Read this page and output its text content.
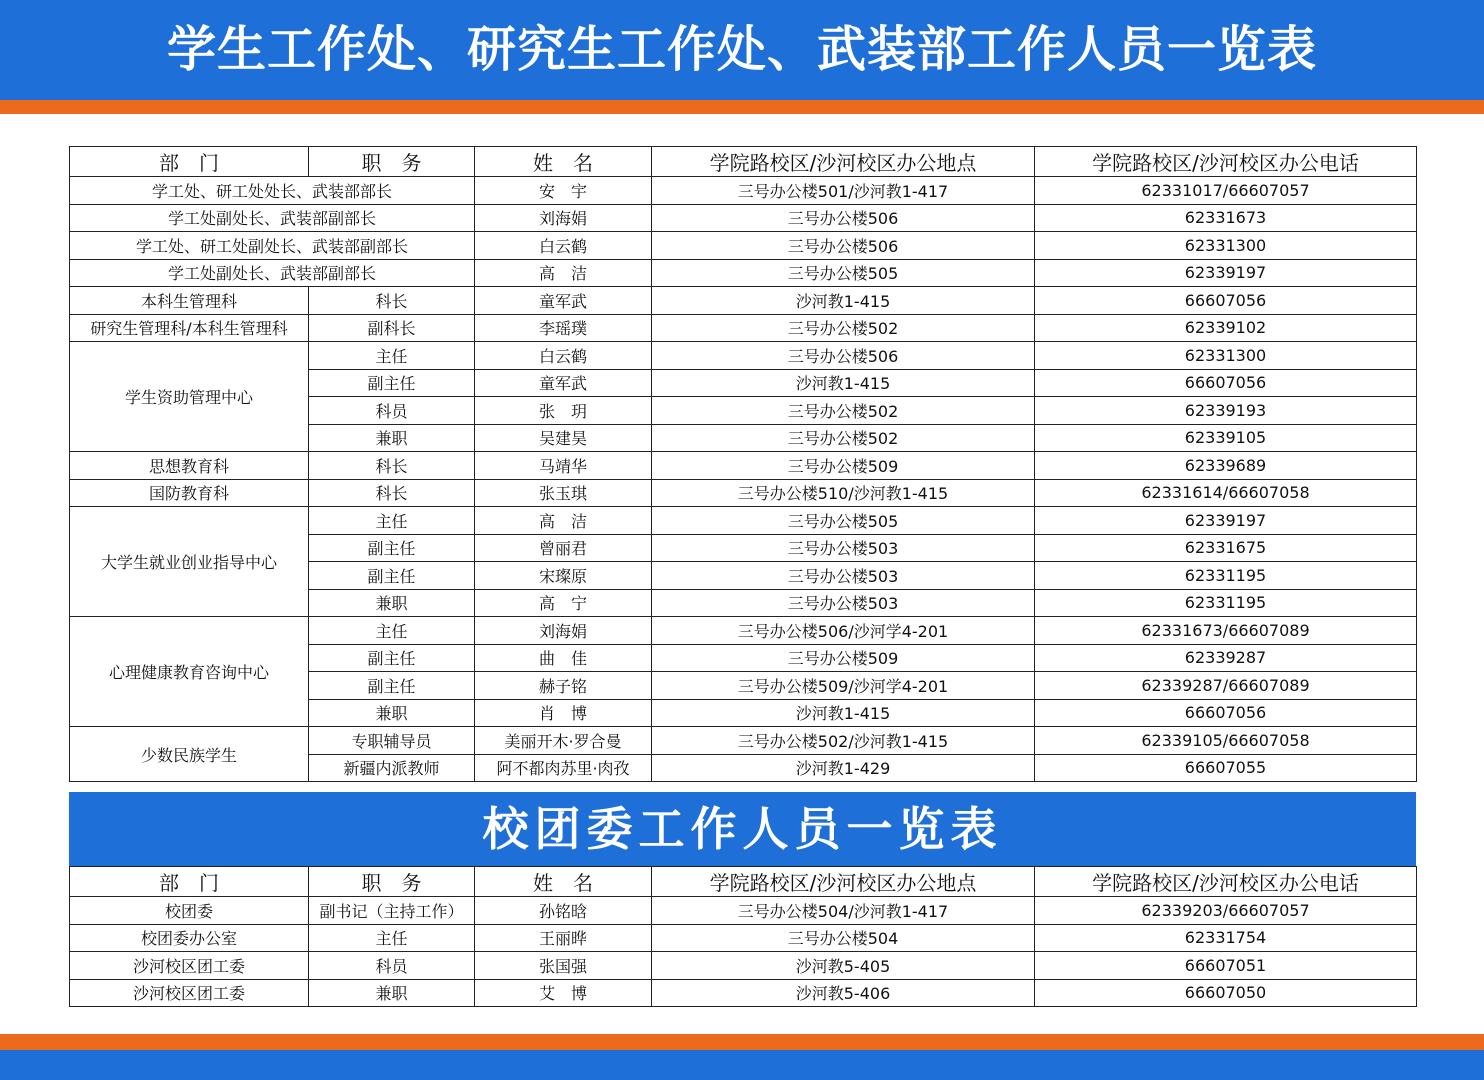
学生工作处、研究生工作处、武装部工作人员一览表
部　门	职　务	姓　名	学院路校区/沙河校区办公地点	学院路校区/沙河校区办公电话
学工处、研工处处长、武装部部长		安　宇	三号办公楼501/沙河教1-417	62331017/66607057
学工处副处长、武装部副部长		刘海娟	三号办公楼506	62331673
学工处、研工处副处长、武装部副部长		白云鹤	三号办公楼506	62331300
学工处副处长、武装部副部长		高　洁	三号办公楼505	62339197
本科生管理科	科长	童军武	沙河教1-415	66607056
研究生管理科/本科生管理科	副科长	李瑶璞	三号办公楼502	62339102
学生资助管理中心	主任	白云鹤	三号办公楼506	62331300
	副主任	童军武	沙河教1-415	66607056
	科员	张　玥	三号办公楼502	62339193
	兼职	吴建昊	三号办公楼502	62339105
思想教育科	科长	马靖华	三号办公楼509	62339689
国防教育科	科长	张玉琪	三号办公楼510/沙河教1-415	62331614/66607058
大学生就业创业指导中心	主任	高　洁	三号办公楼505	62339197
	副主任	曾丽君	三号办公楼503	62331675
	副主任	宋璨原	三号办公楼503	62331195
	兼职	高　宁	三号办公楼503	62331195
心理健康教育咨询中心	主任	刘海娟	三号办公楼506/沙河学4-201	62331673/66607089
	副主任	曲　佳	三号办公楼509	62339287
	副主任	赫子铭	三号办公楼509/沙河学4-201	62339287/66607089
	兼职	肖　博	沙河教1-415	66607056
少数民族学生	专职辅导员	美丽开木·罗合曼	三号办公楼502/沙河教1-415	62339105/66607058
	新疆内派教师	阿不都肉苏里·肉孜	沙河教1-429	66607055
校团委工作人员一览表
部　门	职　务	姓　名	学院路校区/沙河校区办公地点	学院路校区/沙河校区办公电话
校团委	副书记（主持工作）	孙铭晗	三号办公楼504/沙河教1-417	62339203/66607057
校团委办公室	主任	王丽晔	三号办公楼504	62331754
沙河校区团工委	科员	张国强	沙河教5-405	66607051
沙河校区团工委	兼职	艾　博	沙河教5-406	66607050
